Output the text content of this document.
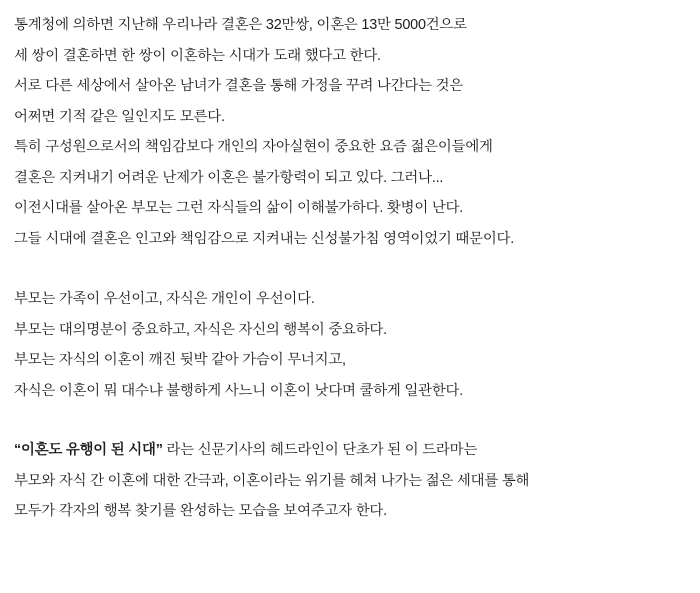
통계청에 의하면 지난해 우리나라 결혼은 32만쌍, 이혼은 13만 5000건으로
세 쌍이 결혼하면 한 쌍이 이혼하는 시대가 도래 했다고 한다.
서로 다른 세상에서 살아온 남녀가 결혼을 통해 가정을 꾸려 나간다는 것은
어쩌면 기적 같은 일인지도 모른다.
특히 구성원으로서의 책임감보다 개인의 자아실현이 중요한 요즘 젊은이들에게
결혼은 지켜내기 어려운 난제가 이혼은 불가항력이 되고 있다. 그러나...
이전시대를 살아온 부모는 그런 자식들의 삶이 이해불가하다. 홧병이 난다.
그들 시대에 결혼은 인고와 책임감으로 지켜내는 신성불가침 영역이었기 때문이다.
부모는 가족이 우선이고, 자식은 개인이 우선이다.
부모는 대의명분이 중요하고, 자식은 자신의 행복이 중요하다.
부모는 자식의 이혼이 깨진 뒷박 같아 가슴이 무너지고,
자식은 이혼이 뭐 대수냐 불행하게 사느니 이혼이 낫다며 쿨하게 일관한다.
“이혼도 유행이 된 시대” 라는 신문기사의 헤드라인이 단초가 된 이 드라마는
부모와 자식 간 이혼에 대한 간극과, 이혼이라는 위기를 헤쳐 나가는 젊은 세대를 통해
모두가 각자의 행복 찾기를 완성하는 모습을 보여주고자 한다.
